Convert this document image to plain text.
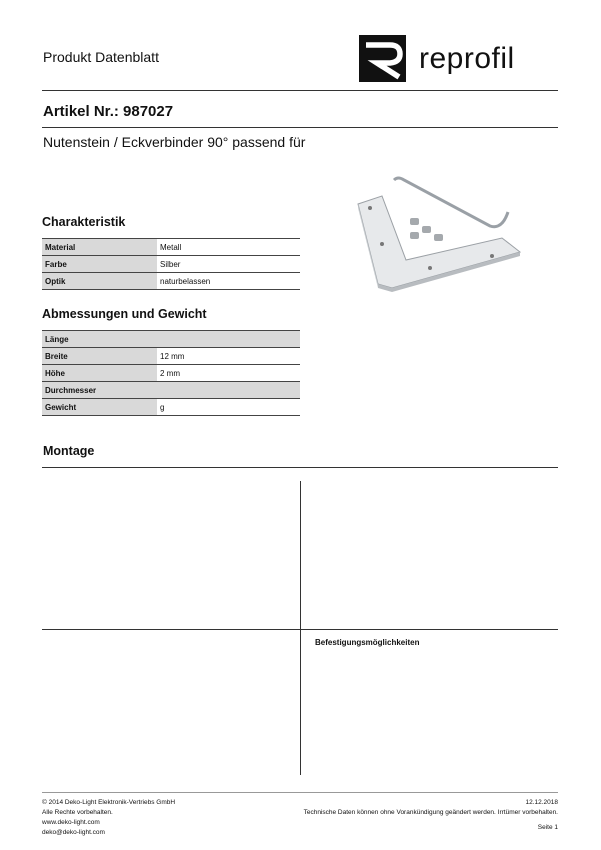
Produkt Datenblatt	reprofil
Artikel Nr.: 987027
Nutenstein / Eckverbinder 90° passend für
Charakteristik
Material	Metall
Farbe	Silber
Optik	naturbelassen
Abmessungen und Gewicht
Länge	
Breite	12 mm
Höhe	2 mm
Durchmesser	
Gewicht	g
Montage
Befestigungsmöglichkeiten
© 2014 Deko-Light Elektronik-Vertriebs GmbH
Alle Rechte vorbehalten.
www.deko-light.com
deko@deko-light.com
12.12.2018
Technische Daten können ohne Vorankündigung geändert werden. Irrtümer vorbehalten.
Seite 1
